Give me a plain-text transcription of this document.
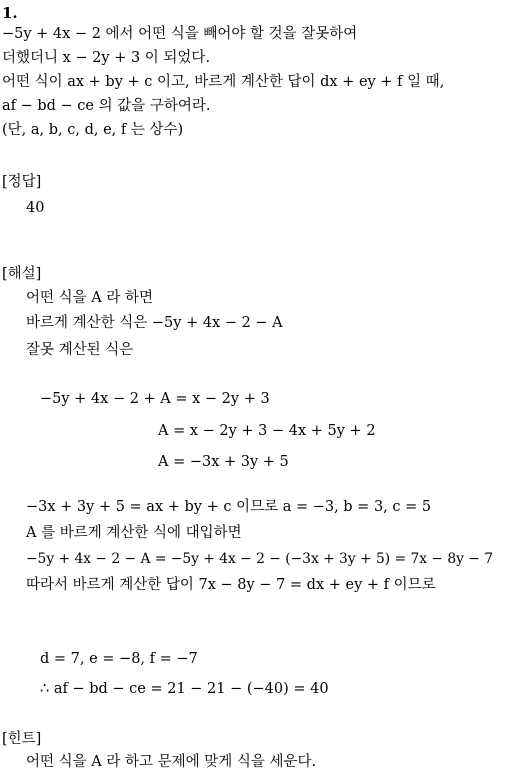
1.
−5y + 4x − 2 에서 어떤 식을 빼어야 할 것을 잘못하여
더했더니 x − 2y + 3 이 되었다.
어떤 식이 ax + by + c 이고, 바르게 계산한 답이 dx + ey + f 일 때,
af − bd − ce 의 값을 구하여라.
(단, a, b, c, d, e, f 는 상수)
[정답]
40
[해설]
어떤 식을 A 라 하면
바르게 계산한 식은 −5y + 4x − 2 − A
잘못 계산된 식은
−5y + 4x − 2 + A = x − 2y + 3
A = x − 2y + 3 − 4x + 5y + 2
A = −3x + 3y + 5
−3x + 3y + 5 = ax + by + c 이므로 a = −3, b = 3, c = 5
A 를 바르게 계산한 식에 대입하면
−5y + 4x − 2 − A = −5y + 4x − 2 − (−3x + 3y + 5) = 7x − 8y − 7
따라서 바르게 계산한 답이 7x − 8y − 7 = dx + ey + f 이므로
d = 7, e = −8, f = −7
∴ af − bd − ce = 21 − 21 − (−40) = 40
[힌트]
어떤 식을 A 라 하고 문제에 맞게 식을 세운다.
